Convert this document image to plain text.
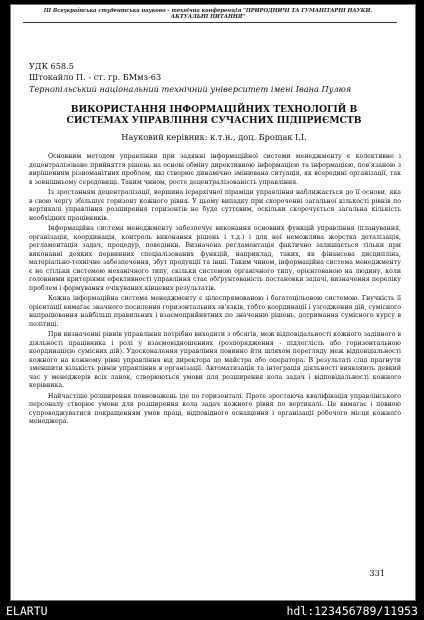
ІІІ Всеукраїнська студентська науково - технічна конференція "ПРИРОДНИЧІ ТА ГУМАНІТАРНІ НАУКИ.
АКТУАЛЬНІ ПИТАННЯ"
УДК 658.5
Штокайло П. - ст. гр. БМмз-63
Тернопільський національний технічний університет імені Івана Пулюя
ВИКОРИСТАННЯ ІНФОРМАЦІЙНИХ ТЕХНОЛОГІЙ В
СИСТЕМАХ УПРАВЛІННЯ СУЧАСНИХ ПІДПРИЄМСТВ
Науковий керівник: к.т.н., доц. Брощак І.І.

Основним методом управління при задянні інформаційної системи менеджменту є колективне і децентралізоване прийняття рішень на основі обміну директивною інформацією та інформацією, пов'язаною з вирішенням різноманітних проблем, які створює динамічно змінювана ситуація, як всередині організації, так в зовнішньому середовищі. Таким чином, росте децентралізованість управління.

Із зростанням децентралізації, вершина ієрархічної піраміди управління наближається до її основи, яка в свою чергу збільшує горизонт кожного рівня. У цьому випадку при скороченні загальної кількості рівнів по вертикалі управління розширення горизонтів не буде суттєвим, оскільки скорочується загальна кількість необхідних працівників.

Інформаційна система менеджменту забезпечує виконання основних функцій управління (планування, організація, координація, контроль виконання рішень і т.д.) і для неї неможлива жорстка деталізація, регламентація задач, процедур, поведінки. Визначена регламентація фактично залишається тільки при виконанні деяких первинних спеціалізованих функцій, наприклад, таких, як фінансова дисципліна, матеріально-технічне забезпечення, збут продукції та інші. Таким чином, інформаційна система менеджменту є не стільки системою механічного типу, скільки системою органічного типу, орієнтованою на людину, коли головними критеріями ефективності управління стає обґрунтованість постановки задачі, визначення переліку проблем і формування очікуваних кінцевих результатів.

Кожна інформаційна система менеджменту є цілеспрямованою і багатоцільовою системою. Гнучкість її орієнтації вимагає значного посилення горизонтальних зв'язків, тобто координації і узгодження дій, сумісного напрацювання найбільш правильних і взаємоприйнятних по значенню рішень, дотримання сумісного курсу в політиці.

При визначенні рівнів управління потрібно виходити з обсягів, меж відповідальності кожного задіяного в діяльності працівника і ролі у взаємовідношеннях (розпорядження - підлеглість або горизонтальною координацією сумісних дій). Удосконалення управління повинно йти шляхом перегляду меж відповідальності кожного на кожному рівні управління від директора до майстра або оператора. В результаті слід прагнути зменшити кількість рівнів управління в організації. Автоматизація та інтеграція діяльності виявляють девкий час у менеджерів всіх ланок, створюються умови для розширення кола задач і відповідальності кожного керівника.

Найчастіше розширення повноважень іде по горизонталі. Проте зростаюча кваліфікація управлінського персоналу створює умови для розширення кола задач кожного рівня по вертикалі. Це вимагає і повною супроводжуватися покращенням умов праці, відповідного оснащення і організації робочого місця кожного менеджера.

331
ELARTU	hdl:123456789/11953
